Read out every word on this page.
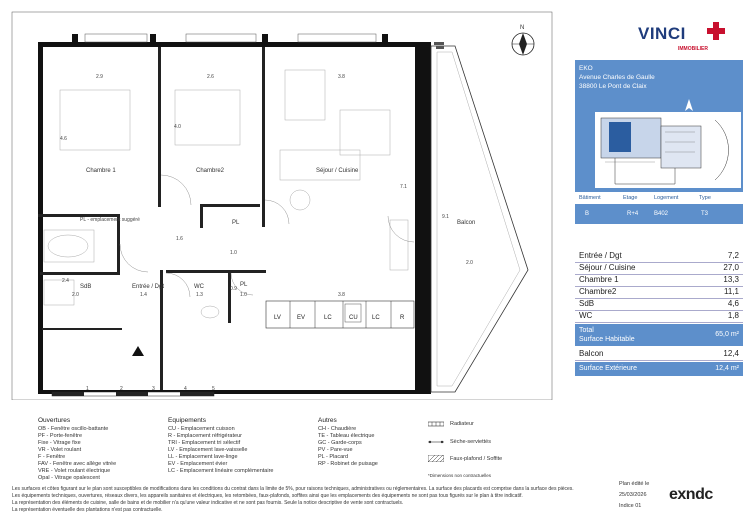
LV	EV	LC	CU LC	R
N
Chambre 1	Chambre2	Séjour / Cuisine
Balcon
SdB	Entrée / Dgt	WC
PL
PL
PL - emplacement suggéré
2.9	2.6	3.8
4.6
4.0
7.1
9.1
2.0
1.4	1.3	1.0	3.8
2.0
1.6
1.0
2.4
0.9
1	2	3	4	5
VINCI
IMMOBILIER
EKO
Avenue Charles de Gaulle
38800 Le Pont de Claix
Bâtiment	Etage	Logement	Type
B	R+4	B402	T3
Entrée / Dgt	7,2
Séjour / Cuisine	27,0
Chambre 1	13,3
Chambre2	11,1
SdB	4,6
WC	1,8
Total
Surface Habitable
65,0 m²
Balcon	12,4
Surface Extérieure	12,4 m²
Ouvertures
OB - Fenêtre oscillo-battante
PF - Porte-fenêtre
Fixe - Vitrage fixe
VR - Volet roulant
F - Fenêtre
FAV - Fenêtre avec allège vitrée
VRE - Volet roulant électrique
Opal - Vitrage opalescent
Equipements
CU - Emplacement cuisson
R - Emplacement réfrigérateur
TRI - Emplacement tri sélectif
LV - Emplacement lave-vaisselle
LL - Emplacement lave-linge
EV - Emplacement évier
LC - Emplacement linéaire complémentaire
Autres
CH - Chaudière
TE - Tableau électrique
GC - Garde-corps
PV - Pare-vue
PL - Placard
RP - Robinet de puisage
Radiateur
Sèche-serviettés
Faux-plafond / Soffite
*Dimensions non contractuelles
Les surfaces et côtes figurant sur le plan sont susceptibles de modifications dans les conditions du contrat dans la limite de 5%, pour raisons techniques, administratives ou réglementaires. La surface des placards est comprise dans la surface des pièces.
Les équipements techniques, ouvertures, réseaux divers, les appareils sanitaires et électriques, les retombées, faux-plafonds, soffites ainsi que les emplacements des équipements ne sont pas tous figurés sur le plan à titre indicatif.
La représentation des éléments de cuisine, salle de bains et de mobilier n'a qu'une valeur indicative et ne sont pas fournis. Seule la notice descriptive de vente sont contractuels.
La représentation éventuelle des plantations n'est pas contractuelle.
Plan édité le
25/03/2026
Indice 01
exndc
